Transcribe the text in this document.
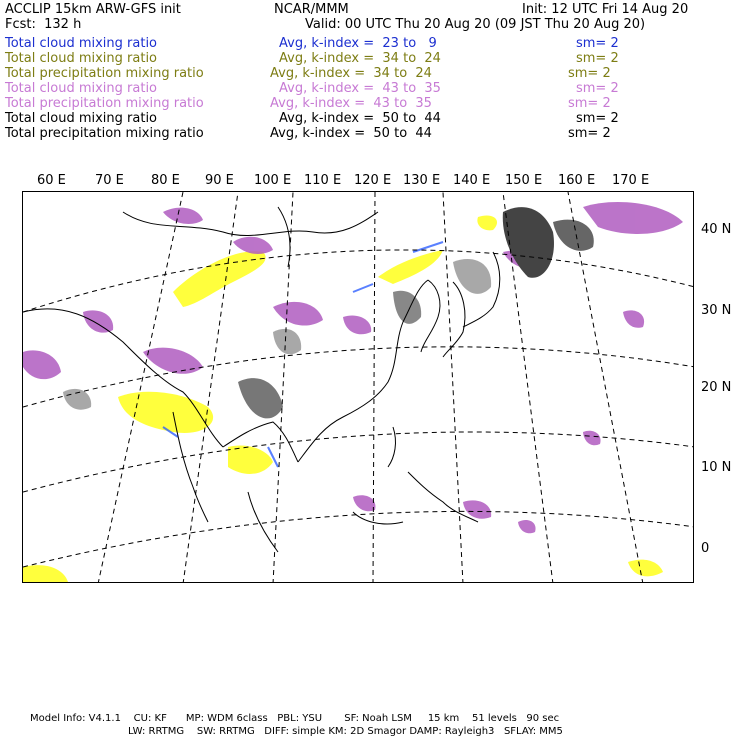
ACCLIP 15km ARW-GFS init	NCAR/MMM	Init: 12 UTC Fri 14 Aug 20
Fcst:  132 h	Valid: 00 UTC Thu 20 Aug 20 (09 JST Thu 20 Aug 20)
Total cloud mixing ratio	Avg, k-index =  23 to   9	sm= 2
Total cloud mixing ratio	Avg, k-index =  34 to  24	sm= 2
Total precipitation mixing ratio	Avg, k-index =  34 to  24	sm= 2
Total cloud mixing ratio	Avg, k-index =  43 to  35	sm= 2
Total precipitation mixing ratio	Avg, k-index =  43 to  35	sm= 2
Total cloud mixing ratio	Avg, k-index =  50 to  44	sm= 2
Total precipitation mixing ratio	Avg, k-index =  50 to  44	sm= 2
60 E 70 E 80 E 90 E 100 E 110 E 120 E 130 E 140 E 150 E 160 E 170 E
40 N
30 N
20 N
10 N
0
Model Info: V4.1.1    CU: KF      MP: WDM 6class   PBL: YSU       SF: Noah LSM     15 km    51 levels   90 sec
LW: RRTMG    SW: RRTMG   DIFF: simple KM: 2D Smagor DAMP: Rayleigh3   SFLAY: MM5
